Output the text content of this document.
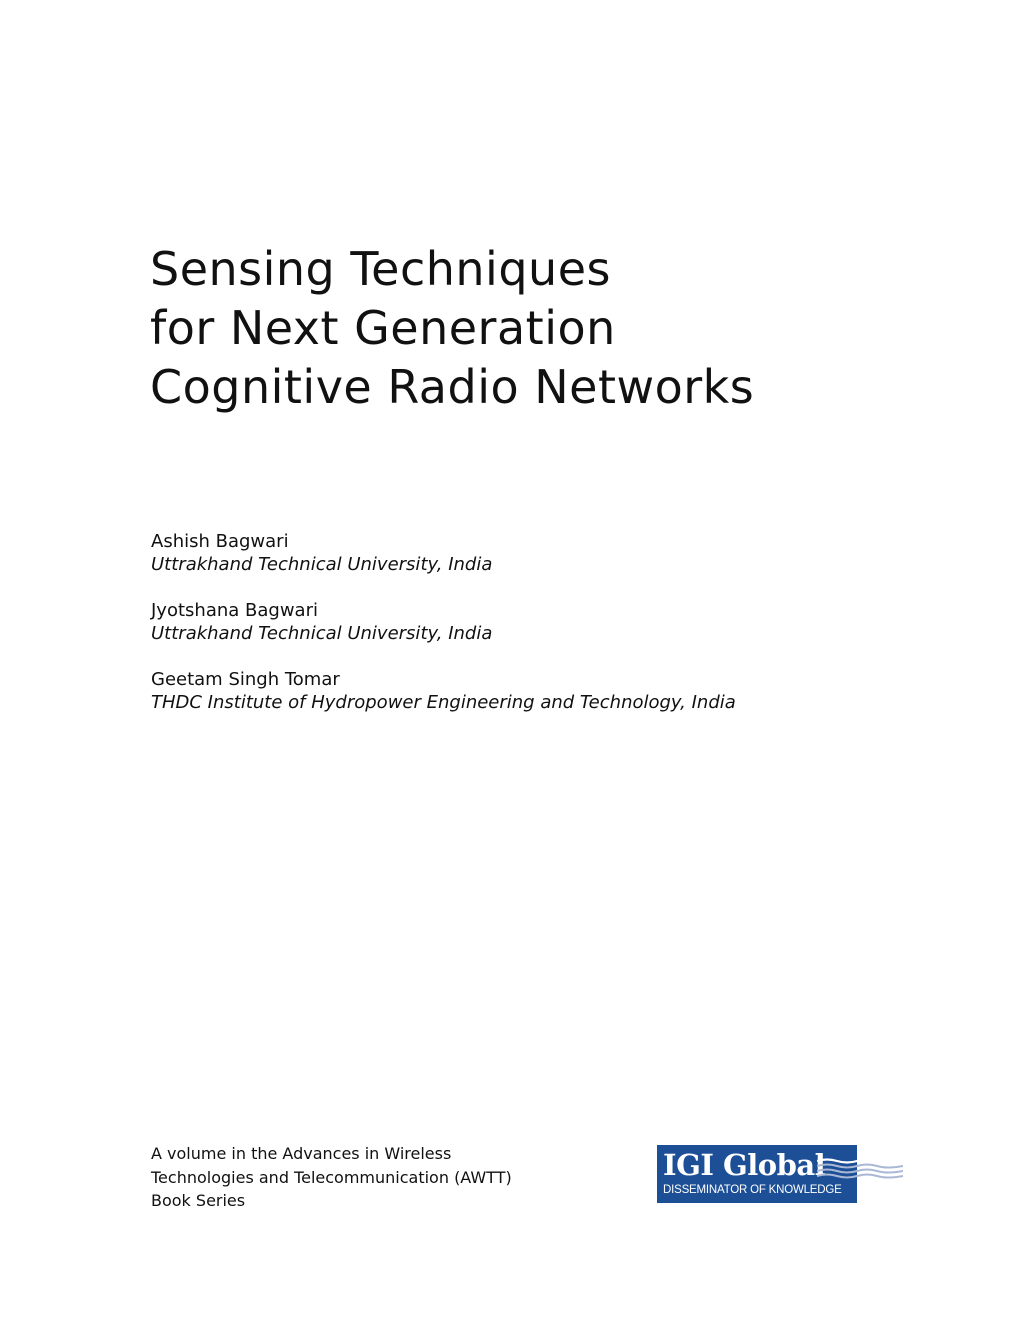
Sensing Techniques
for Next Generation
Cognitive Radio Networks
Ashish Bagwari
Uttrakhand Technical University, India
Jyotshana Bagwari
Uttrakhand Technical University, India
Geetam Singh Tomar
THDC Institute of Hydropower Engineering and Technology, India
A volume in the Advances in Wireless
Technologies and Telecommunication (AWTT)
Book Series
IGI Global
DISSEMINATOR OF KNOWLEDGE
